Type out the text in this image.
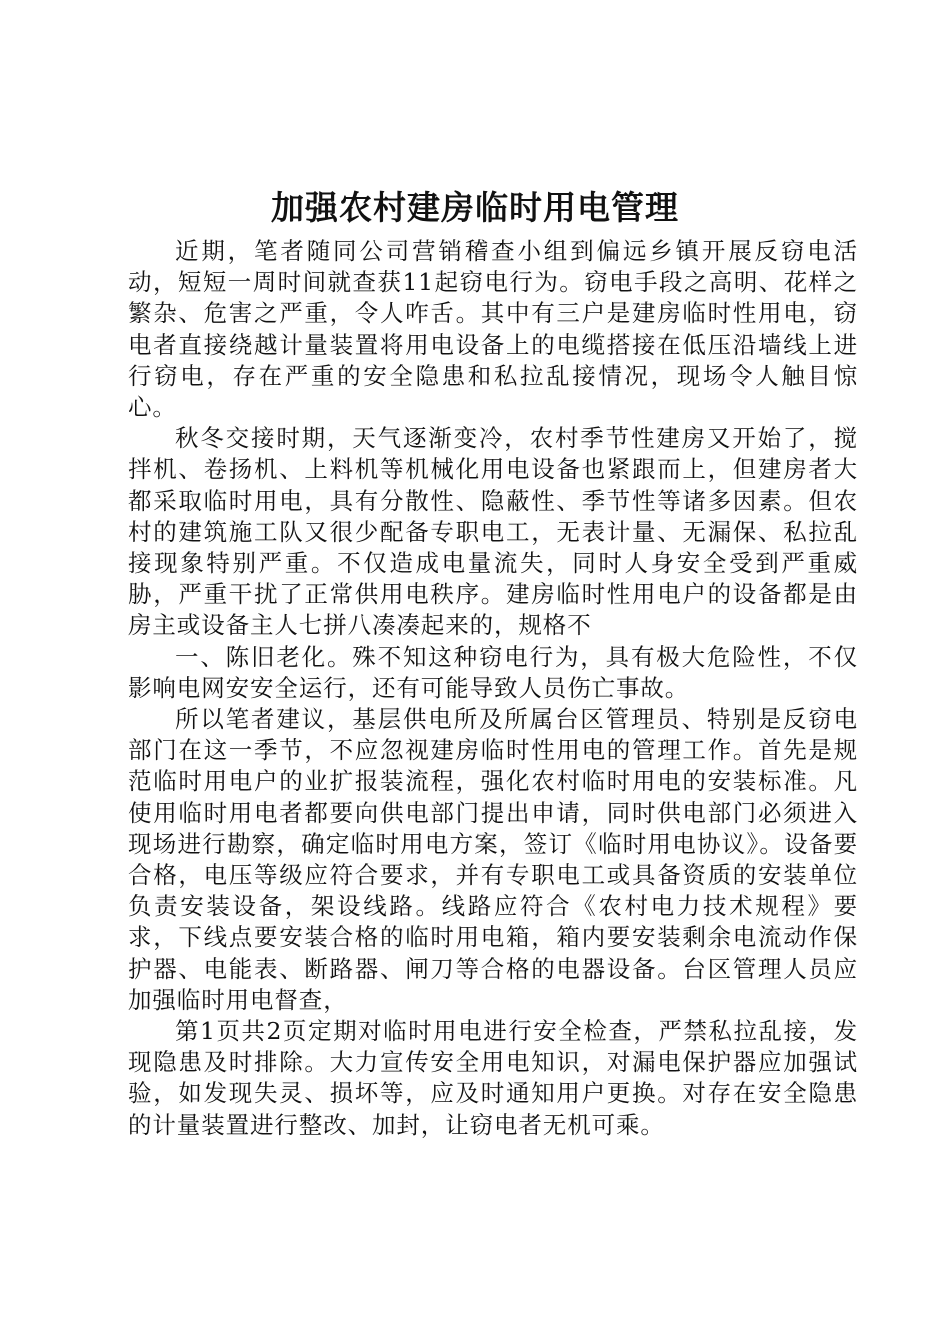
加强农村建房临时用电管理

近期，笔者随同公司营销稽查小组到偏远乡镇开展反窃电活动，短短一周时间就查获11起窃电行为。窃电手段之高明、花样之繁杂、危害之严重，令人咋舌。其中有三户是建房临时性用电，窃电者直接绕越计量装置将用电设备上的电缆搭接在低压沿墙线上进行窃电，存在严重的安全隐患和私拉乱接情况，现场令人触目惊心。

秋冬交接时期，天气逐渐变冷，农村季节性建房又开始了，搅拌机、卷扬机、上料机等机械化用电设备也紧跟而上，但建房者大都采取临时用电，具有分散性、隐蔽性、季节性等诸多因素。但农村的建筑施工队又很少配备专职电工，无表计量、无漏保、私拉乱接现象特别严重。不仅造成电量流失，同时人身安全受到严重威胁，严重干扰了正常供用电秩序。建房临时性用电户的设备都是由房主或设备主人七拼八凑凑起来的，规格不

一、陈旧老化。殊不知这种窃电行为，具有极大危险性，不仅影响电网安安全运行，还有可能导致人员伤亡事故。

所以笔者建议，基层供电所及所属台区管理员、特别是反窃电部门在这一季节，不应忽视建房临时性用电的管理工作。首先是规范临时用电户的业扩报装流程，强化农村临时用电的安装标准。凡使用临时用电者都要向供电部门提出申请，同时供电部门必须进入现场进行勘察，确定临时用电方案，签订《临时用电协议》。设备要合格，电压等级应符合要求，并有专职电工或具备资质的安装单位负责安装设备，架设线路。线路应符合《农村电力技术规程》要求，下线点要安装合格的临时用电箱，箱内要安装剩余电流动作保护器、电能表、断路器、闸刀等合格的电器设备。台区管理人员应加强临时用电督查，

第1页共2页定期对临时用电进行安全检查，严禁私拉乱接，发现隐患及时排除。大力宣传安全用电知识，对漏电保护器应加强试验，如发现失灵、损坏等，应及时通知用户更换。对存在安全隐患的计量装置进行整改、加封，让窃电者无机可乘。
